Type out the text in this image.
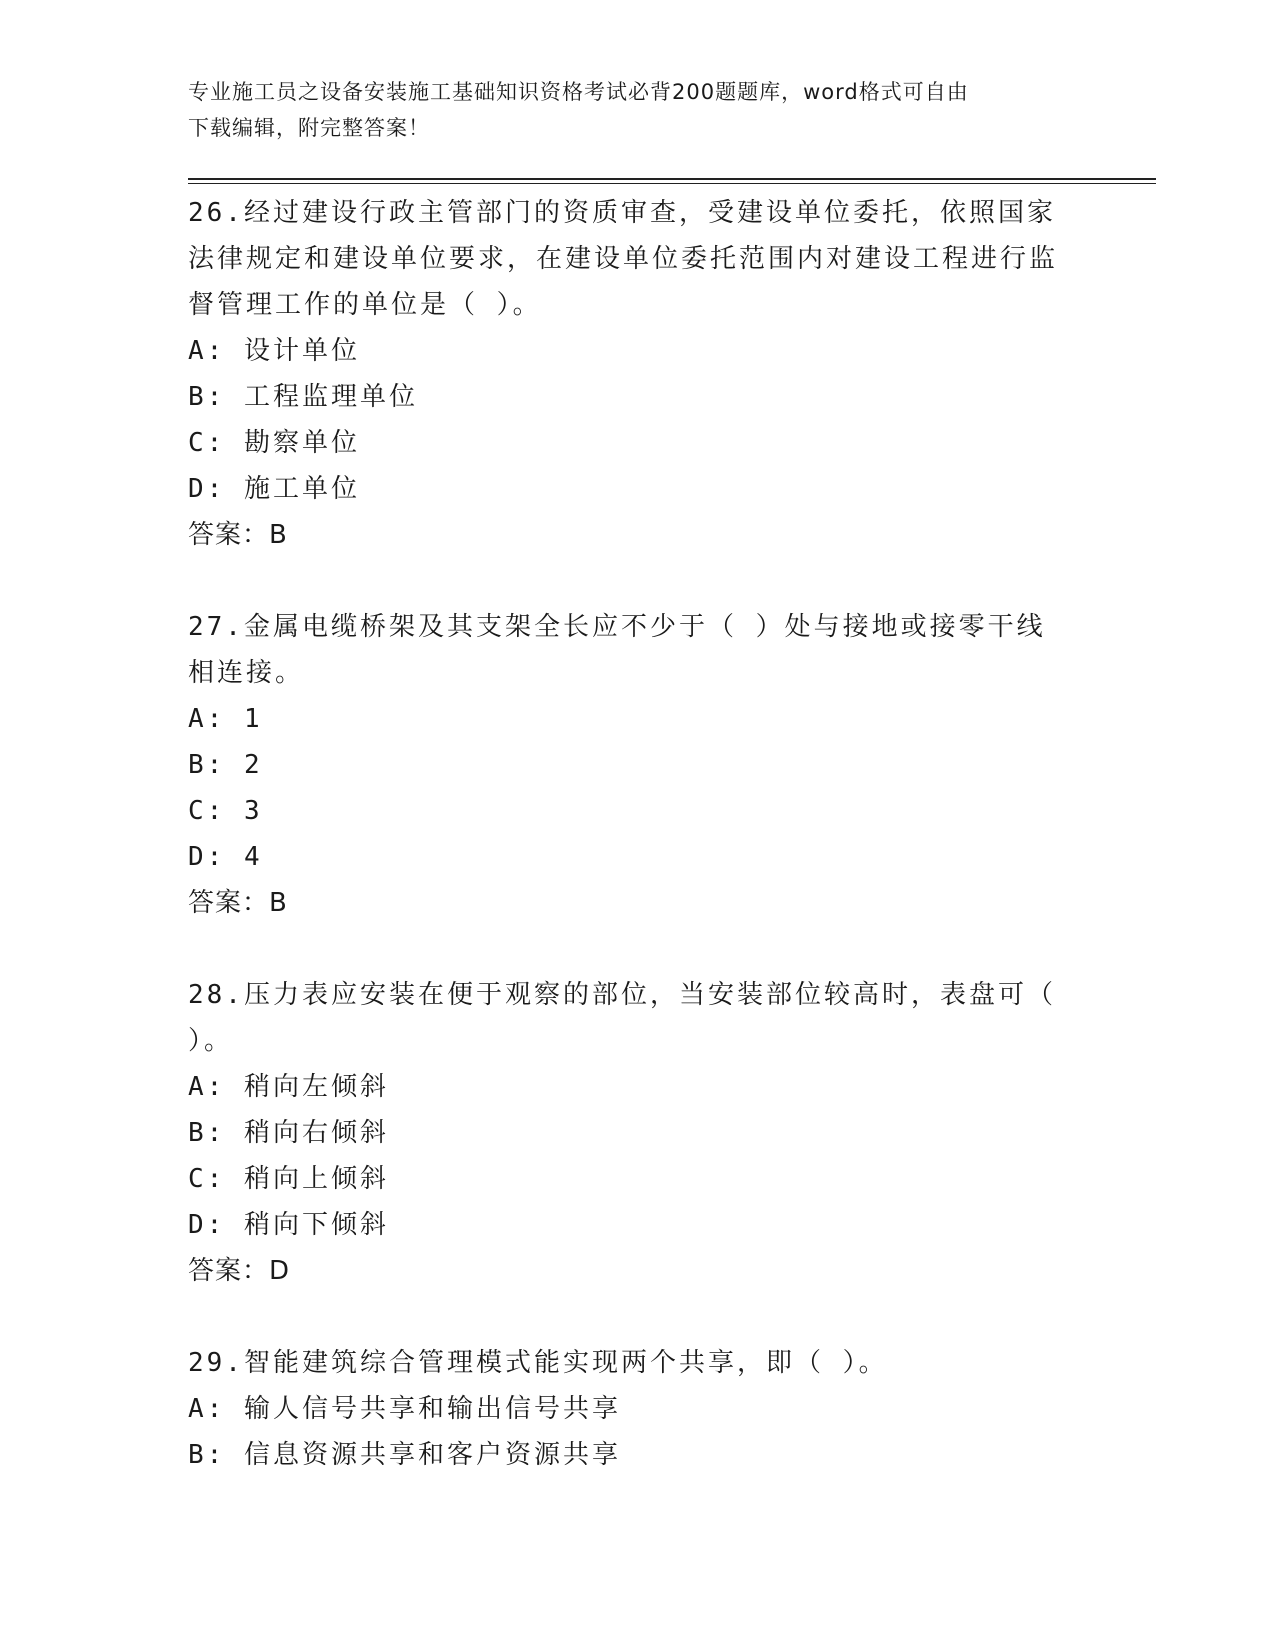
专业施工员之设备安装施工基础知识资格考试必背200题题库，word格式可自由
下载编辑，附完整答案！

26.经过建设行政主管部门的资质审查，受建设单位委托，依照国家法律规定和建设单位要求，在建设单位委托范围内对建设工程进行监督管理工作的单位是（ ）。

A: 设计单位

B: 工程监理单位

C: 勘察单位

D: 施工单位

答案：B

27.金属电缆桥架及其支架全长应不少于（ ）处与接地或接零干线相连接。

A: 1

B: 2

C: 3

D: 4

答案：B

28.压力表应安装在便于观察的部位，当安装部位较高时，表盘可（ ）。

A: 稍向左倾斜

B: 稍向右倾斜

C: 稍向上倾斜

D: 稍向下倾斜

答案：D

29.智能建筑综合管理模式能实现两个共享，即（ ）。

A: 输人信号共享和输出信号共享

B: 信息资源共享和客户资源共享
